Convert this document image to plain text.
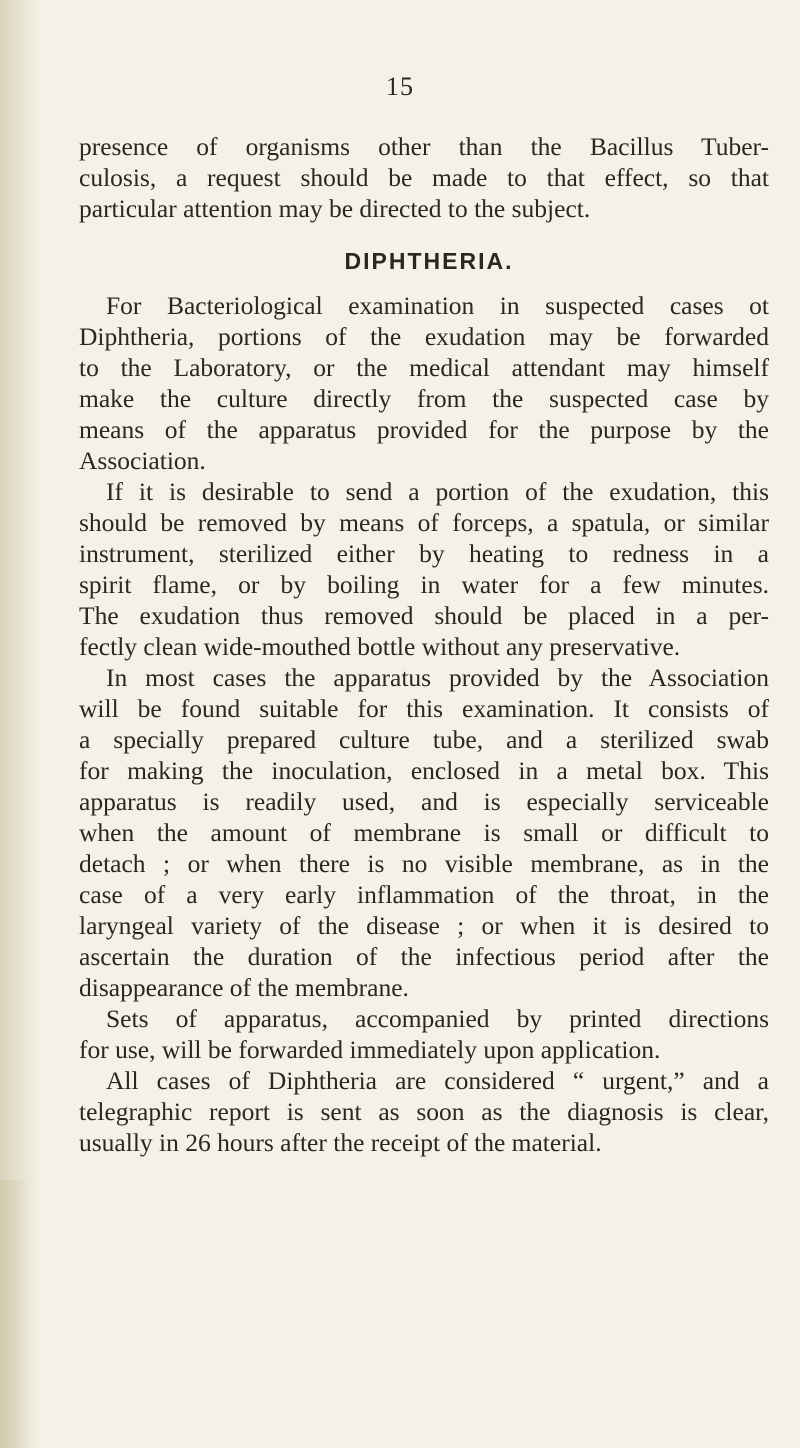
15
presence of organisms other than the Bacillus Tuber-
culosis, a request should be made to that effect, so that
particular attention may be directed to the subject.
DIPHTHERIA.
For Bacteriological examination in suspected cases ot
Diphtheria, portions of the exudation may be forwarded
to the Laboratory, or the medical attendant may himself
make the culture directly from the suspected case by
means of the apparatus provided for the purpose by the
Association.
If it is desirable to send a portion of the exudation, this
should be removed by means of forceps, a spatula, or similar
instrument, sterilized either by heating to redness in a
spirit flame, or by boiling in water for a few minutes.
The exudation thus removed should be placed in a per-
fectly clean wide-mouthed bottle without any preservative.
In most cases the apparatus provided by the Association
will be found suitable for this examination. It consists of
a specially prepared culture tube, and a sterilized swab
for making the inoculation, enclosed in a metal box. This
apparatus is readily used, and is especially serviceable
when the amount of membrane is small or difficult to
detach ; or when there is no visible membrane, as in the
case of a very early inflammation of the throat, in the
laryngeal variety of the disease ; or when it is desired to
ascertain the duration of the infectious period after the
disappearance of the membrane.
Sets of apparatus, accompanied by printed directions
for use, will be forwarded immediately upon application.
All cases of Diphtheria are considered “ urgent,” and a
telegraphic report is sent as soon as the diagnosis is clear,
usually in 26 hours after the receipt of the material.
